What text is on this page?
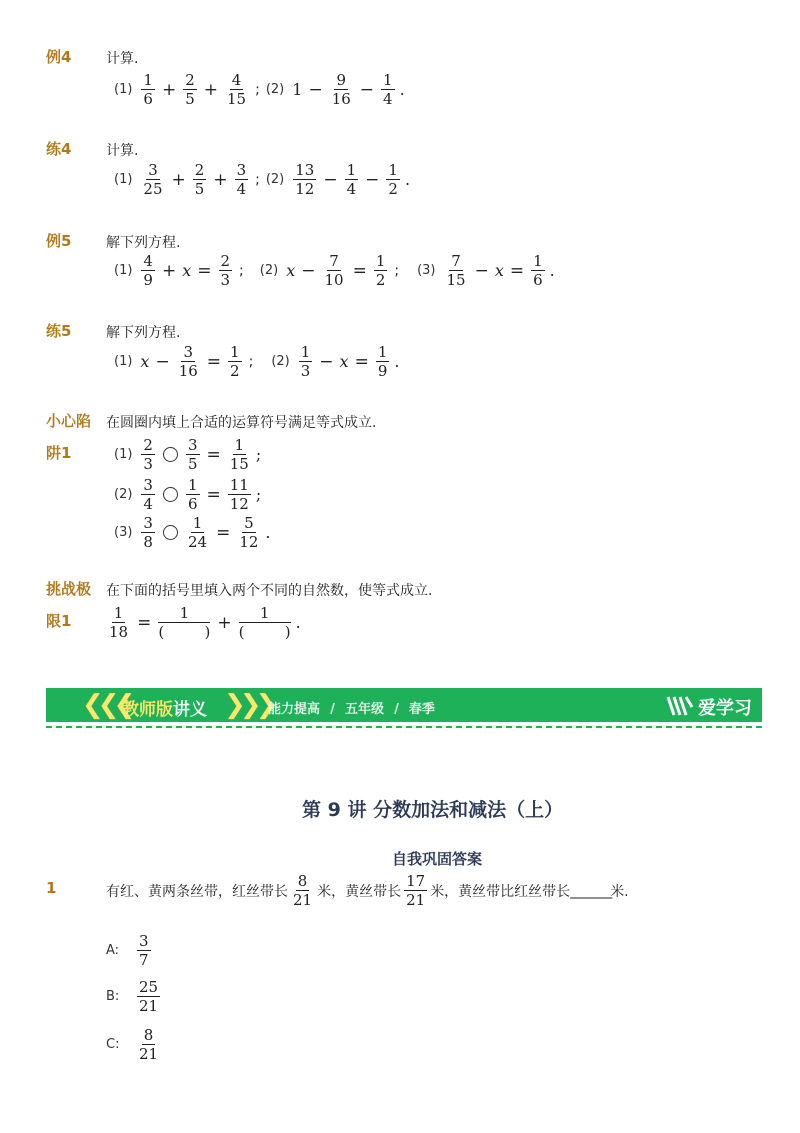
例4 计算.
$(1) \frac{1}{6} + \frac{2}{5} + \frac{4}{15}$ ; (2) $1 - \frac{9}{16} - \frac{1}{4}$ .
练4 计算.
$(1) \frac{3}{25} + \frac{2}{5} + \frac{3}{4}$ ; $(2) \frac{13}{12} - \frac{1}{4} - \frac{1}{2}$ .
例5 解下列方程.
$(1) \frac{4}{9} + x = \frac{2}{3}$ ; (2) $x - \frac{7}{10} = \frac{1}{2}$ ; $(3) \frac{7}{15} - x = \frac{1}{6}$ .
练5 解下列方程.
(1) $x - \frac{3}{16} = \frac{1}{2}$ ; $(2) \frac{1}{3} - x = \frac{1}{9}$ .
小心陷
阱1
在圆圈内填上合适的运算符号满足等式成立.
$(1) \frac{2}{3} \frac{3}{5} = \frac{1}{15}$ ;
$(2) \frac{3}{4} \frac{1}{6} = \frac{11}{12}$ ;
$(3) \frac{3}{8} \frac{1}{24} = \frac{5}{12}$ .
挑战极
限1
在下面的括号里填入两个不同的自然数，使等式成立.
$\frac{1}{18}$ =	1
(	) +	1
(	) .
❮❮❮
教师版讲义 ❯❯❯
能力提高 / 五年级 / 春季	爱学习
第 9 讲 分数加法和减法（上）
自我巩固答案
1	有红、黄两条丝带，红丝带长 $\frac{8}{21}$ 米，黄丝带长 $\frac{17}{21}$ 米，黄丝带比红丝带长 ________ 米.
A:	$\frac{3}{7}$
B:	$\frac{25}{21}$
C:	$\frac{8}{21}$
